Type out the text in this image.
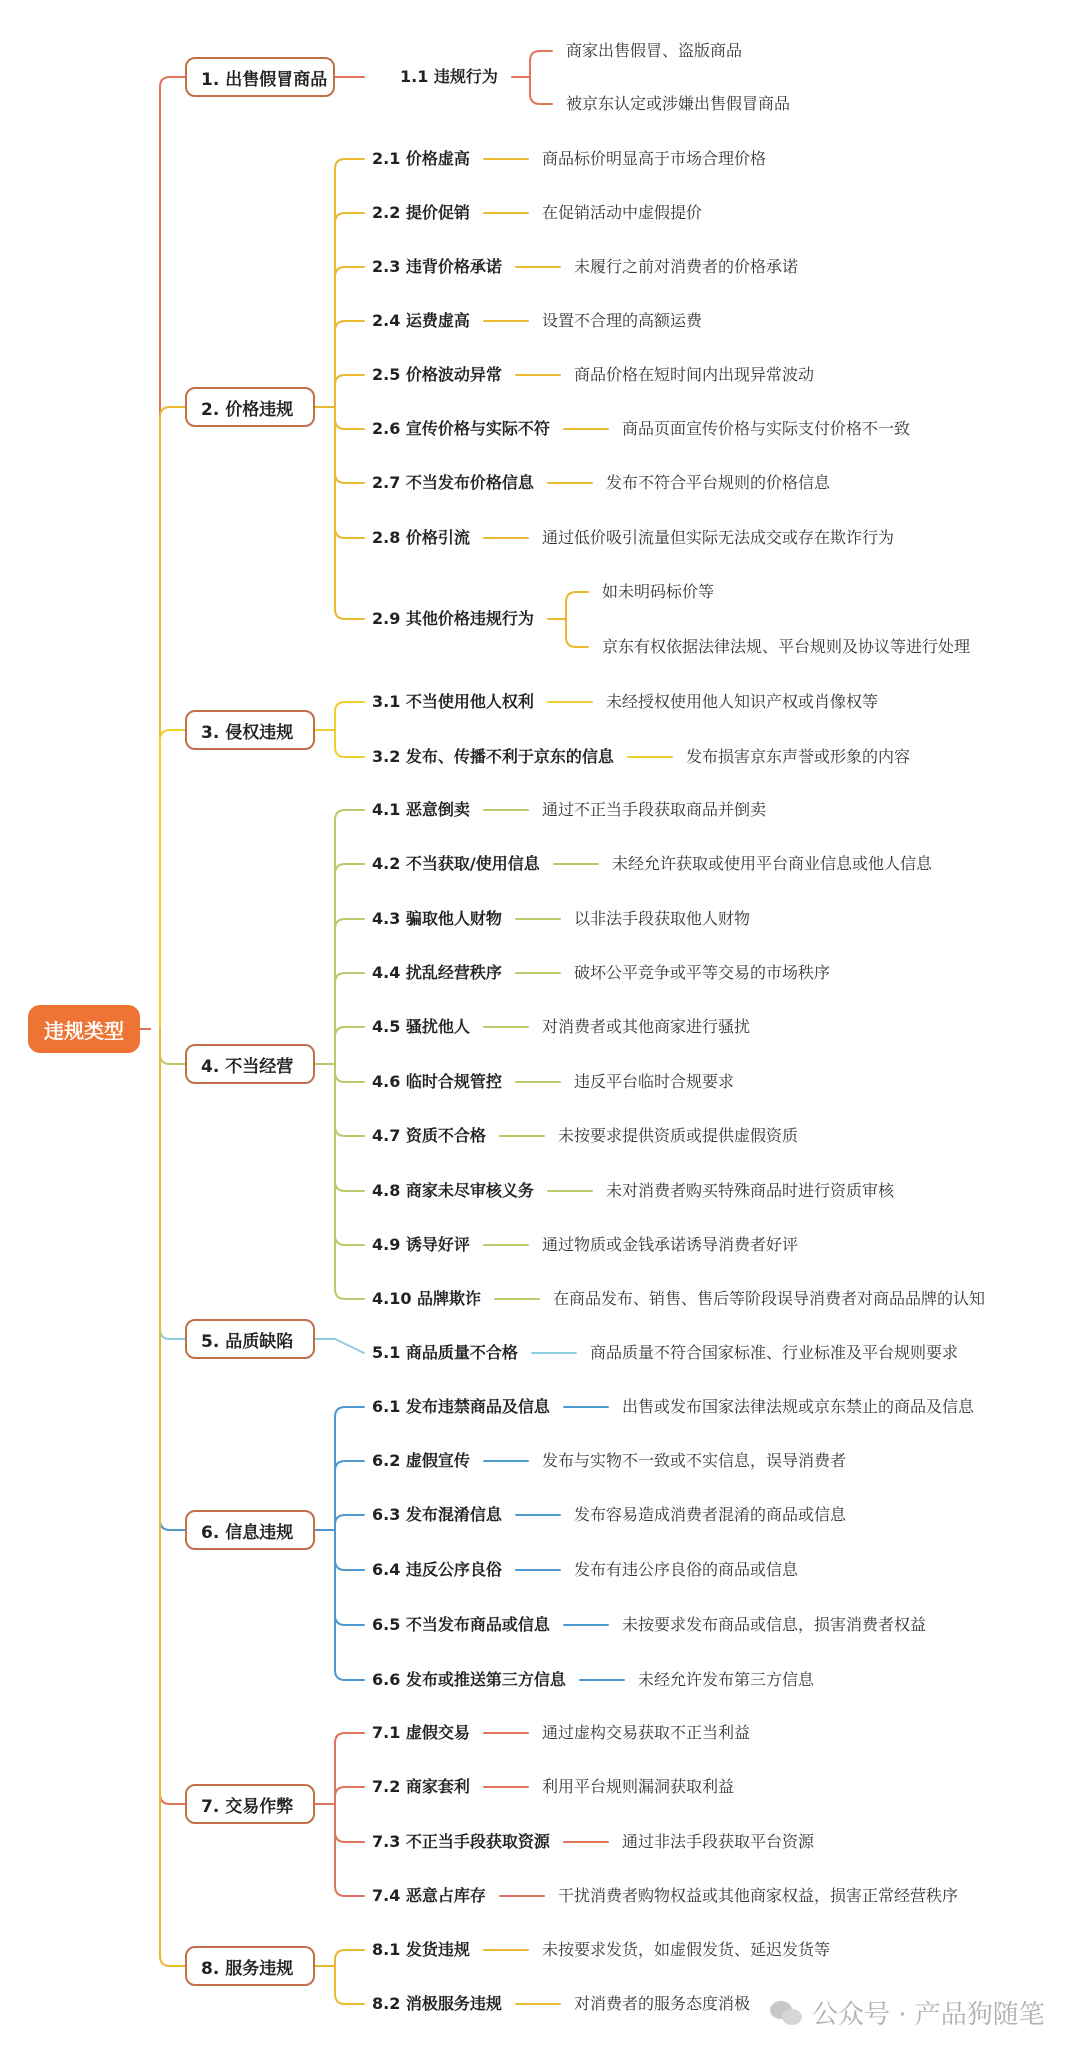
违规类型
1. 出售假冒商品	1.1 违规行为
商家出售假冒、盗版商品
被京东认定或涉嫌出售假冒商品
2. 价格违规
2.1 价格虚高	商品标价明显高于市场合理价格
2.2 提价促销	在促销活动中虚假提价
2.3 违背价格承诺	未履行之前对消费者的价格承诺
2.4 运费虚高	设置不合理的高额运费
2.5 价格波动异常	商品价格在短时间内出现异常波动
2.6 宣传价格与实际不符	商品页面宣传价格与实际支付价格不一致
2.7 不当发布价格信息	发布不符合平台规则的价格信息
2.8 价格引流	通过低价吸引流量但实际无法成交或存在欺诈行为
2.9 其他价格违规行为
如未明码标价等
京东有权依据法律法规、平台规则及协议等进行处理
3. 侵权违规
3.1 不当使用他人权利	未经授权使用他人知识产权或肖像权等
3.2 发布、传播不利于京东的信息	发布损害京东声誉或形象的内容
4. 不当经营
4.1 恶意倒卖	通过不正当手段获取商品并倒卖
4.2 不当获取/使用信息	未经允许获取或使用平台商业信息或他人信息
4.3 骗取他人财物	以非法手段获取他人财物
4.4 扰乱经营秩序	破坏公平竞争或平等交易的市场秩序
4.5 骚扰他人	对消费者或其他商家进行骚扰
4.6 临时合规管控	违反平台临时合规要求
4.7 资质不合格	未按要求提供资质或提供虚假资质
4.8 商家未尽审核义务	未对消费者购买特殊商品时进行资质审核
4.9 诱导好评	通过物质或金钱承诺诱导消费者好评
4.10 品牌欺诈	在商品发布、销售、售后等阶段误导消费者对商品品牌的认知
5. 品质缺陷
5.1 商品质量不合格	商品质量不符合国家标准、行业标准及平台规则要求
6. 信息违规
6.1 发布违禁商品及信息	出售或发布国家法律法规或京东禁止的商品及信息
6.2 虚假宣传	发布与实物不一致或不实信息，误导消费者
6.3 发布混淆信息	发布容易造成消费者混淆的商品或信息
6.4 违反公序良俗	发布有违公序良俗的商品或信息
6.5 不当发布商品或信息	未按要求发布商品或信息，损害消费者权益
6.6 发布或推送第三方信息	未经允许发布第三方信息
7. 交易作弊
7.1 虚假交易	通过虚构交易获取不正当利益
7.2 商家套利	利用平台规则漏洞获取利益
7.3 不正当手段获取资源	通过非法手段获取平台资源
7.4 恶意占库存	干扰消费者购物权益或其他商家权益，损害正常经营秩序
8. 服务违规
8.1 发货违规	未按要求发货，如虚假发货、延迟发货等
8.2 消极服务违规	对消费者的服务态度消极 公众号 · 产品狗随笔
